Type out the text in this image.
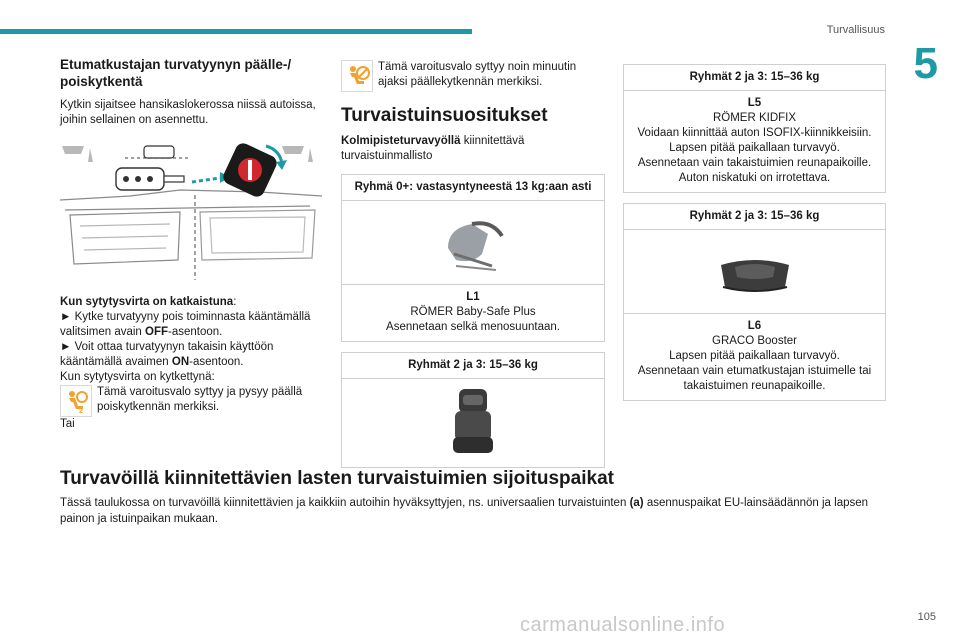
Turvallisuus
5
Etumatkustajan turvatyynyn päälle-/ poiskytkentä

Kytkin sijaitsee hansikaslokerossa niissä autoissa, joihin sellainen on asennettu.

Kun sytytysvirta on katkaistuna:

► Kytke turvatyyny pois toiminnasta kääntämällä valitsimen avain OFF-asentoon.

► Voit ottaa turvatyynyn takaisin käyttöön kääntämällä avaimen ON-asentoon.

Kun sytytysvirta on kytkettynä:

2
Tämä varoitusvalo syttyy ja pysyy päällä poiskytkennän merkiksi.

Tai

Tämä varoitusvalo syttyy noin minuutin ajaksi päällekytkennän merkiksi.
Turvaistuinsuositukset

Kolmipisteturvavyöllä kiinnitettävä turvaistuinmallisto

Ryhmä 0+: vastasyntyneestä 13 kg:aan asti
L1
RÖMER Baby-Safe Plus
Asennetaan selkä menosuuntaan.
Ryhmät 2 ja 3: 15–36 kg
Ryhmät 2 ja 3: 15–36 kg
L5
RÖMER KIDFIX
Voidaan kiinnittää auton ISOFIX-kiinnikkeisiin.
Lapsen pitää paikallaan turvavyö.
Asennetaan vain takaistuimien reunapaikoille.
Auton niskatuki on irrotettava.
Ryhmät 2 ja 3: 15–36 kg
L6
GRACO Booster
Lapsen pitää paikallaan turvavyö.
Asennetaan vain etumatkustajan istuimelle tai takaistuimen reunapaikoille.
Turvavöillä kiinnitettävien lasten turvaistuimien sijoituspaikat

Tässä taulukossa on turvavöillä kiinnitettävien ja kaikkiin autoihin hyväksyttyjen, ns. universaalien turvaistuinten (a) asennuspaikat EU-lainsäädännön ja lapsen painon ja istuinpaikan mukaan.

carmanualsonline.info	105
